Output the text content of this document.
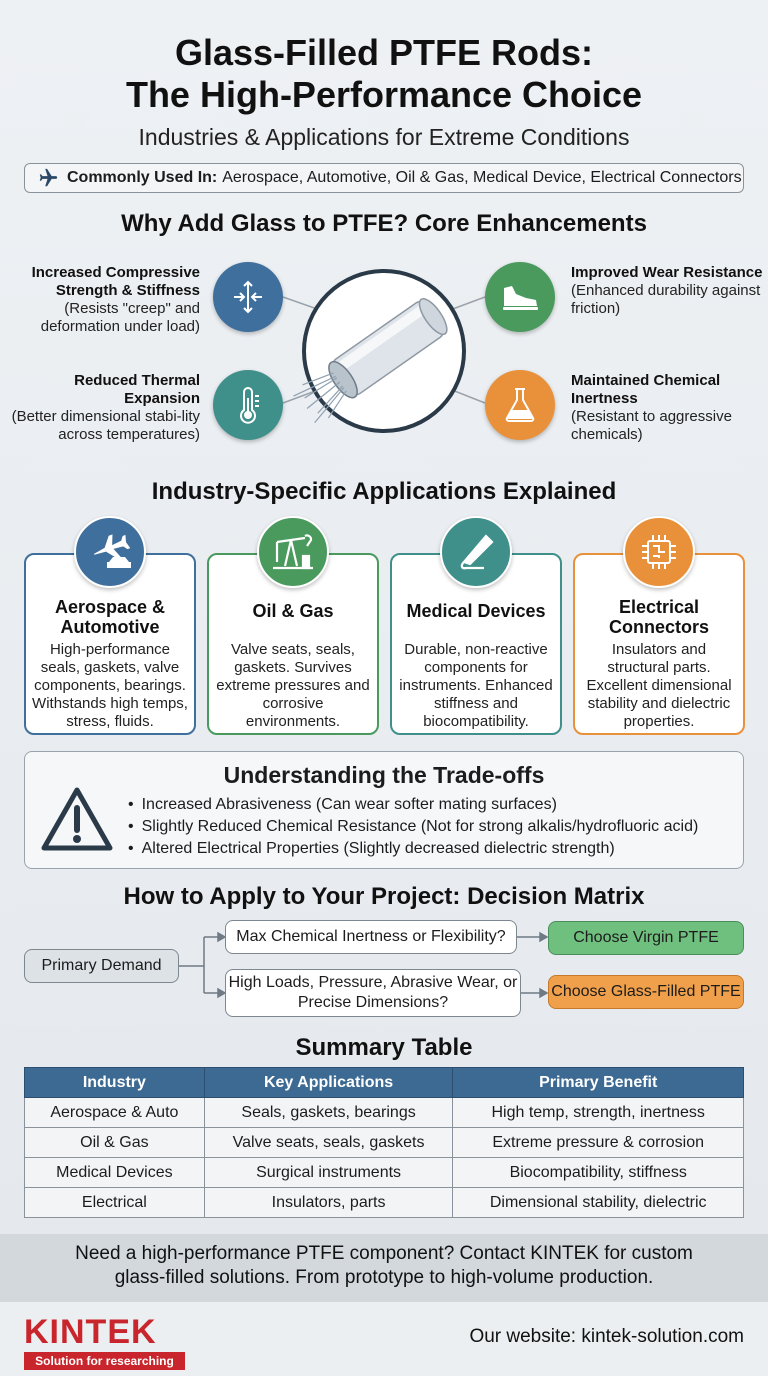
Glass-Filled PTFE Rods:
The High-Performance Choice
Industries & Applications for Extreme Conditions
Commonly Used In: Aerospace, Automotive, Oil & Gas, Medical Device, Electrical Connectors
Why Add Glass to PTFE? Core Enhancements
Increased Compressive Strength & Stiffness
(Resists "creep" and deformation under load)
Reduced Thermal Expansion
(Better dimensional stabi-lity across temperatures)
Improved Wear Resistance
(Enhanced durability against friction)
Maintained Chemical Inertness
(Resistant to aggressive chemicals)
Industry-Specific Applications Explained
Aerospace & Automotive
High-performance seals, gaskets, valve components, bearings. Withstands high temps, stress, fluids.
Oil & Gas
Valve seats, seals, gaskets. Survives extreme pressures and corrosive environments.
Medical Devices
Durable, non-reactive components for instruments. Enhanced stiffness and biocompatibility.
Electrical Connectors
Insulators and structural parts. Excellent dimensional stability and dielectric properties.
Understanding the Trade-offs
• Increased Abrasiveness (Can wear softer mating surfaces)
• Slightly Reduced Chemical Resistance (Not for strong alkalis/hydrofluoric acid)
• Altered Electrical Properties (Slightly decreased dielectric strength)
How to Apply to Your Project: Decision Matrix
Primary Demand
Max Chemical Inertness or Flexibility?
High Loads, Pressure, Abrasive Wear, or Precise Dimensions?
Choose Virgin PTFE
Choose Glass-Filled PTFE
Summary Table
Industry	Key Applications	Primary Benefit
Aerospace & Auto	Seals, gaskets, bearings	High temp, strength, inertness
Oil & Gas	Valve seats, seals, gaskets	Extreme pressure & corrosion
Medical Devices	Surgical instruments	Biocompatibility, stiffness
Electrical	Insulators, parts	Dimensional stability, dielectric
Need a high-performance PTFE component? Contact KINTEK for custom glass-filled solutions. From prototype to high-volume production.
KINTEK
Solution for researching
Our website: kintek-solution.com
